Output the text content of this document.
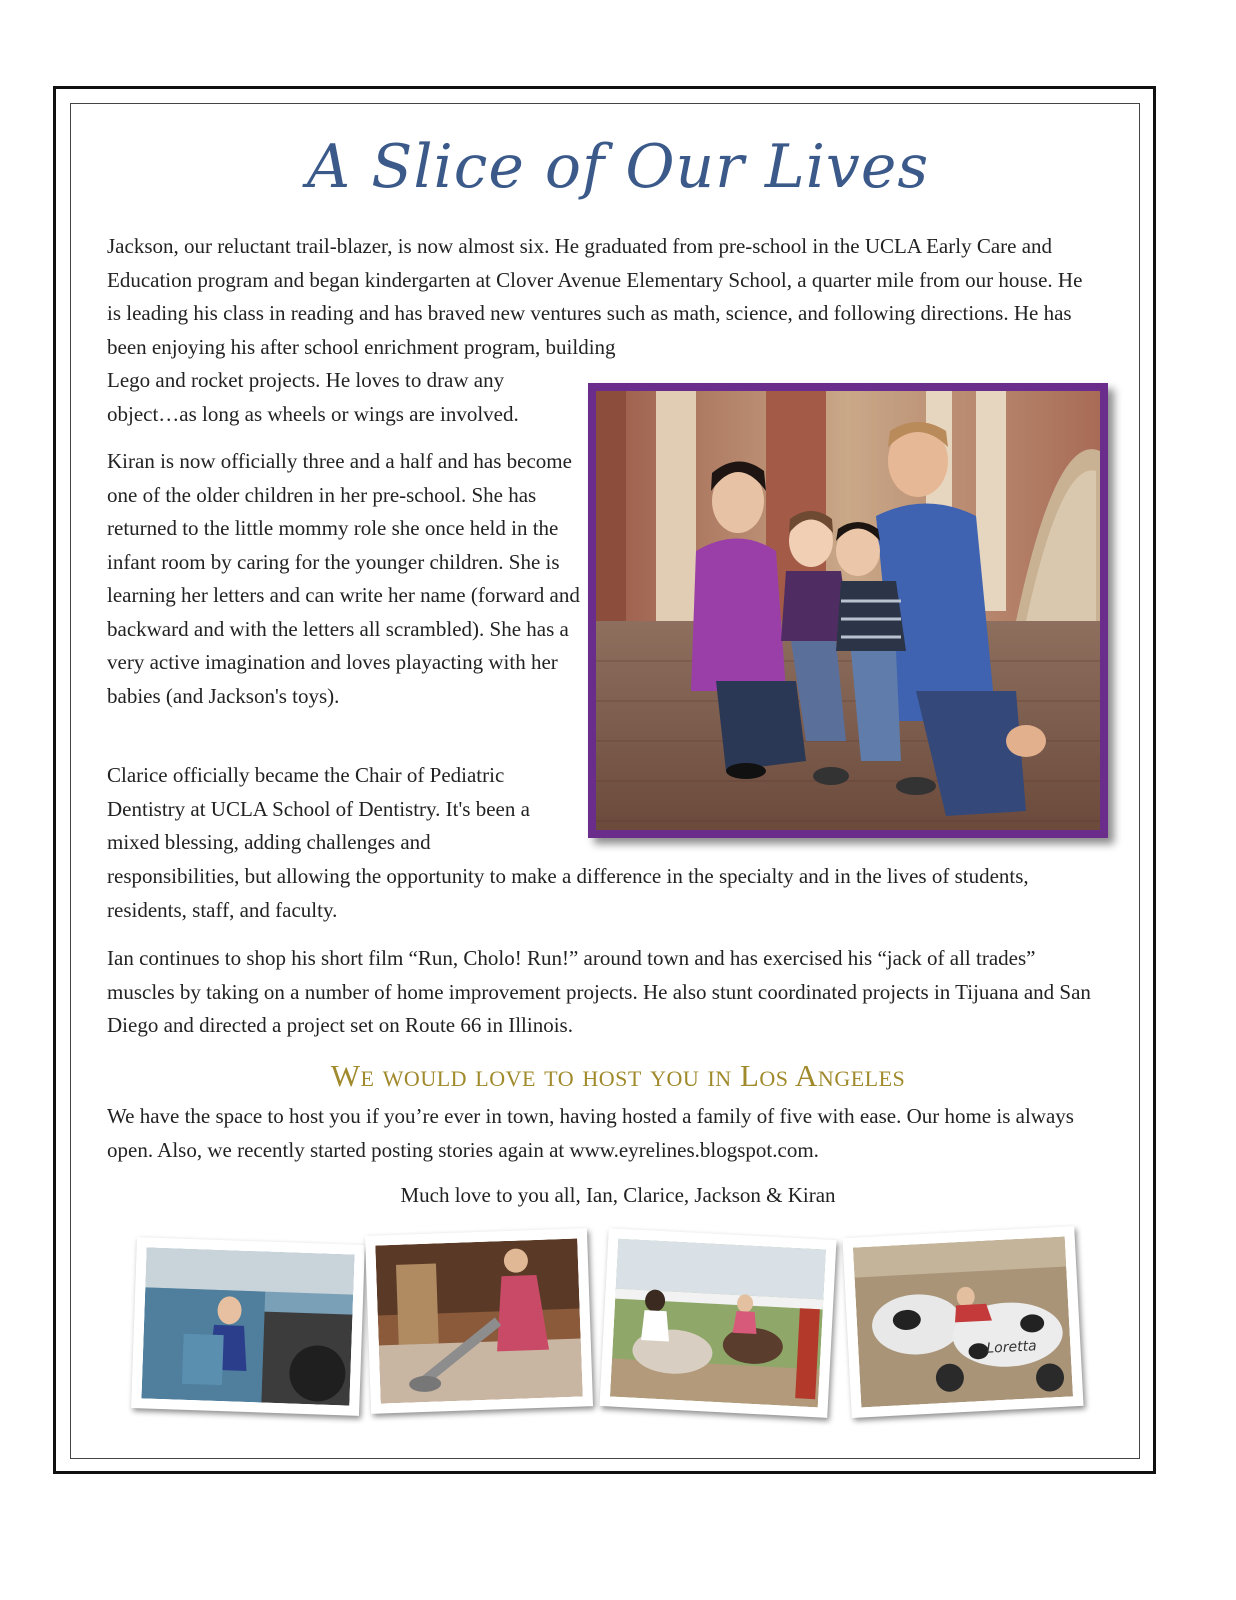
A Slice of Our Lives
Jackson, our reluctant trail-blazer, is now almost six. He graduated from pre-school in the UCLA Early Care and Education program and began kindergarten at Clover Avenue Elementary School, a quarter mile from our house. He is leading his class in reading and has braved new ventures such as math, science, and following directions. He has been enjoying his after school enrichment program, building
Lego and rocket projects. He loves to draw any object…as long as wheels or wings are involved.
Kiran is now officially three and a half and has become one of the older children in her pre-school. She has returned to the little mommy role she once held in the infant room by caring for the younger children. She is learning her letters and can write her name (forward and backward and with the letters all scrambled). She has a very active imagination and loves playacting with her babies (and Jackson's toys).
Clarice officially became the Chair of Pediatric Dentistry at UCLA School of Dentistry. It's been a mixed blessing, adding challenges and
responsibilities, but allowing the opportunity to make a difference in the specialty and in the lives of students, residents, staff, and faculty.
Ian continues to shop his short film “Run, Cholo! Run!” around town and has exercised his “jack of all trades” muscles by taking on a number of home improvement projects. He also stunt coordinated projects in Tijuana and San Diego and directed a project set on Route 66 in Illinois.
We would love to host you in Los Angeles
We have the space to host you if you’re ever in town, having hosted a family of five with ease. Our home is always open. Also, we recently started posting stories again at www.eyrelines.blogspot.com.
Much love to you all, Ian, Clarice, Jackson & Kiran
Loretta
